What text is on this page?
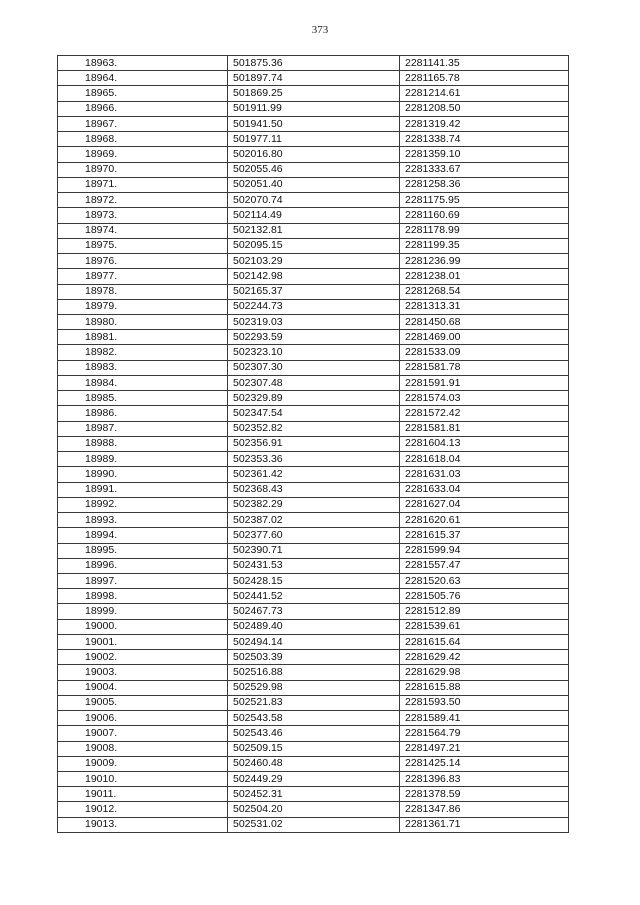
373
18963.	501875.36	2281141.35
18964.	501897.74	2281165.78
18965.	501869.25	2281214.61
18966.	501911.99	2281208.50
18967.	501941.50	2281319.42
18968.	501977.11	2281338.74
18969.	502016.80	2281359.10
18970.	502055.46	2281333.67
18971.	502051.40	2281258.36
18972.	502070.74	2281175.95
18973.	502114.49	2281160.69
18974.	502132.81	2281178.99
18975.	502095.15	2281199.35
18976.	502103.29	2281236.99
18977.	502142.98	2281238.01
18978.	502165.37	2281268.54
18979.	502244.73	2281313.31
18980.	502319.03	2281450.68
18981.	502293.59	2281469.00
18982.	502323.10	2281533.09
18983.	502307.30	2281581.78
18984.	502307.48	2281591.91
18985.	502329.89	2281574.03
18986.	502347.54	2281572.42
18987.	502352.82	2281581.81
18988.	502356.91	2281604.13
18989.	502353.36	2281618.04
18990.	502361.42	2281631.03
18991.	502368.43	2281633.04
18992.	502382.29	2281627.04
18993.	502387.02	2281620.61
18994.	502377.60	2281615.37
18995.	502390.71	2281599.94
18996.	502431.53	2281557.47
18997.	502428.15	2281520.63
18998.	502441.52	2281505.76
18999.	502467.73	2281512.89
19000.	502489.40	2281539.61
19001.	502494.14	2281615.64
19002.	502503.39	2281629.42
19003.	502516.88	2281629.98
19004.	502529.98	2281615.88
19005.	502521.83	2281593.50
19006.	502543.58	2281589.41
19007.	502543.46	2281564.79
19008.	502509.15	2281497.21
19009.	502460.48	2281425.14
19010.	502449.29	2281396.83
19011.	502452.31	2281378.59
19012.	502504.20	2281347.86
19013.	502531.02	2281361.71
